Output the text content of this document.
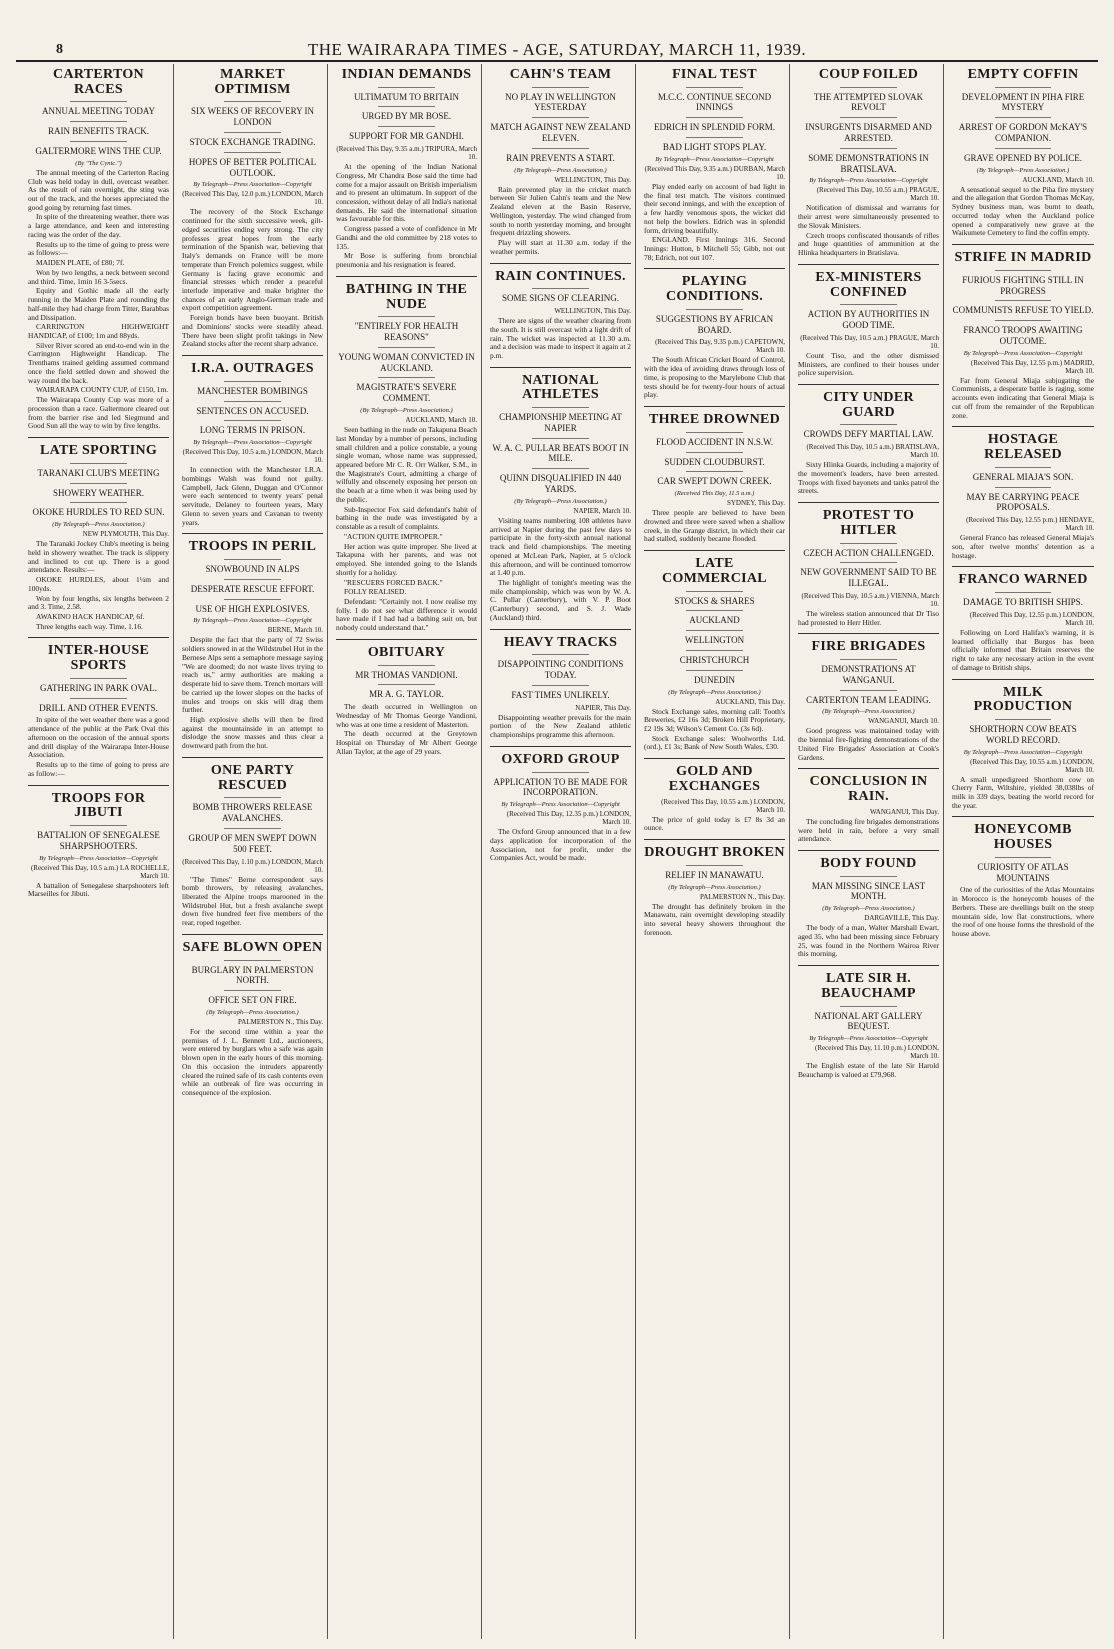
8	THE WAIRARAPA TIMES - AGE, SATURDAY, MARCH 11, 1939.
CARTERTON RACES
ANNUAL MEETING TODAY
RAIN BENEFITS TRACK.
GALTERMORE WINS THE CUP.
(By "The Cynic.")

The annual meeting of the Carterton Racing Club was held today in dull, overcast weather. As the result of rain overnight, the sting was out of the track, and the horses appreciated the good going by returning fast times.

In spite of the threatening weather, there was a large attendance, and keen and interesting racing was the order of the day.

Results up to the time of going to press were as follows:—

MAIDEN PLATE, of £80; 7f.

Won by two lengths, a neck between second and third. Time, 1min 16 3-5secs.

Equity and Gothic made all the early running in the Maiden Plate and rounding the half-mile they had charge from Titter, Barabbas and Dissipation.

CARRINGTON HIGHWEIGHT HANDICAP, of £100; 1m and 88yds.

Silver River scored an end-to-end win in the Carrington Highweight Handicap. The Trenthams trained gelding assumed command once the field settled down and showed the way round the back.

WAIRARAPA COUNTY CUP, of £150, 1m.

The Wairarapa County Cup was more of a procession than a race. Galtermore cleared out from the barrier rise and led Siegmund and Good Sun all the way to win by five lengths.

LATE SPORTING
TARANAKI CLUB'S MEETING
SHOWERY WEATHER.
OKOKE HURDLES TO RED SUN.
(By Telegraph—Press Association.)
NEW PLYMOUTH, This Day.

The Taranaki Jockey Club's meeting is being held in showery weather. The track is slippery and inclined to cut up. There is a good attendance. Results:—

OKOKE HURDLES, about 1¼m and 100yds.

Won by four lengths, six lengths between 2 and 3. Time, 2.58.

AWAKINO HACK HANDICAP, 6f.

Three lengths each way. Time, 1.16.

INTER-HOUSE SPORTS
GATHERING IN PARK OVAL.
DRILL AND OTHER EVENTS.

In spite of the wet weather there was a good attendance of the public at the Park Oval this afternoon on the occasion of the annual sports and drill display of the Wairarapa Inter-House Association.

Results up to the time of going to press are as follow:—

TROOPS FOR JIBUTI
BATTALION OF SENEGALESE SHARPSHOOTERS.
By Telegraph—Press Association—Copyright
(Received This Day, 10.5 a.m.) LA ROCHELLE, March 10.

A battalion of Senegalese sharpshooters left Marseilles for Jibuti.

MARKET OPTIMISM
SIX WEEKS OF RECOVERY IN LONDON
STOCK EXCHANGE TRADING.
HOPES OF BETTER POLITICAL OUTLOOK.
By Telegraph—Press Association—Copyright
(Received This Day, 12.0 p.m.) LONDON, March 10.

The recovery of the Stock Exchange continued for the sixth successive week, gilt-edged securities ending very strong. The city professes great hopes from the early termination of the Spanish war, believing that Italy's demands on France will be more temperate than French polemics suggest, while Germany is facing grave economic and financial stresses which render a peaceful interlude imperative and make brighter the chances of an early Anglo-German trade and export competition agreement.

Foreign bonds have been buoyant. British and Dominions' stocks were steadily ahead. There have been slight profit takings in New Zealand stocks after the recent sharp advance.

I.R.A. OUTRAGES
MANCHESTER BOMBINGS
SENTENCES ON ACCUSED.
LONG TERMS IN PRISON.
By Telegraph—Press Association—Copyright
(Received This Day, 10.5 a.m.) LONDON, March 10.

In connection with the Manchester I.R.A. bombings Walsh was found not guilty. Campbell, Jack Glenn, Duggan and O'Connor were each sentenced to twenty years' penal servitude, Delaney to fourteen years, Mary Glenn to seven years and Cavanan to twenty years.

TROOPS IN PERIL
SNOWBOUND IN ALPS
DESPERATE RESCUE EFFORT.
USE OF HIGH EXPLOSIVES.
By Telegraph—Press Association—Copyright
BERNE, March 10.

Despite the fact that the party of 72 Swiss soldiers snowed in at the Wildstrubel Hut in the Bernese Alps sent a semaphore message saying "We are doomed; do not waste lives trying to reach us," army authorities are making a desperate bid to save them. Trench mortars will be carried up the lower slopes on the backs of mules and troops on skis will drag them further.

High explosive shells will then be fired against the mountainside in an attempt to dislodge the snow masses and thus clear a downward path from the hut.

ONE PARTY RESCUED
BOMB THROWERS RELEASE AVALANCHES.
GROUP OF MEN SWEPT DOWN 500 FEET.
(Received This Day, 1.10 p.m.) LONDON, March 10.

"The Times" Berne correspondent says bomb throwers, by releasing avalanches, liberated the Alpine troops marooned in the Wildstrubel Hut, but a fresh avalanche swept down five hundred feet five members of the rear, roped together.

SAFE BLOWN OPEN
BURGLARY IN PALMERSTON NORTH.
OFFICE SET ON FIRE.
(By Telegraph—Press Association.)
PALMERSTON N., This Day.

For the second time within a year the premises of J. L. Bennett Ltd., auctioneers, were entered by burglars who a safe was again blown open in the early hours of this morning. On this occasion the intruders apparently cleared the ruined safe of its cash contents even while an outbreak of fire was occurring in consequence of the explosion.

INDIAN DEMANDS
ULTIMATUM TO BRITAIN
URGED BY MR BOSE.
SUPPORT FOR MR GANDHI.
(Received This Day, 9.35 a.m.) TRIPURA, March 10.

At the opening of the Indian National Congress, Mr Chandra Bose said the time had come for a major assault on British imperialism and to present an ultimatum. In support of the concession, without delay of all India's national demands. He said the international situation was favourable for this.

Congress passed a vote of confidence in Mr Gandhi and the old committee by 218 votes to 135.

Mr Bose is suffering from bronchial pneumonia and his resignation is feared.

BATHING IN THE NUDE
"ENTIRELY FOR HEALTH REASONS"
YOUNG WOMAN CONVICTED IN AUCKLAND.
MAGISTRATE'S SEVERE COMMENT.
(By Telegraph—Press Association.)
AUCKLAND, March 10.

Seen bathing in the nude on Takapuna Beach last Monday by a number of persons, including small children and a police constable, a young single woman, whose name was suppressed, appeared before Mr C. R. Orr Walker, S.M., in the Magistrate's Court, admitting a charge of wilfully and obscenely exposing her person on the beach at a time when it was being used by the public.

Sub-Inspector Fox said defendant's habit of bathing in the nude was investigated by a constable as a result of complaints.

"ACTION QUITE IMPROPER."

Her action was quite improper. She lived at Takapuna with her parents, and was not employed. She intended going to the Islands shortly for a holiday.

"RESCUERS FORCED BACK."

FOLLY REALISED.

Defendant: "Certainly not. I now realise my folly. I do not see what difference it would have made if I had had a bathing suit on, but nobody could understand that."

OBITUARY
MR THOMAS VANDIONI.
MR A. G. TAYLOR.

The death occurred in Wellington on Wednesday of Mr Thomas George Vandioni, who was at one time a resident of Masterton.

The death occurred at the Greytown Hospital on Thursday of Mr Albert George Allan Taylor, at the age of 29 years.

CAHN'S TEAM
NO PLAY IN WELLINGTON YESTERDAY
MATCH AGAINST NEW ZEALAND ELEVEN.
RAIN PREVENTS A START.
(By Telegraph—Press Association.)
WELLINGTON, This Day.

Rain prevented play in the cricket match between Sir Julien Cahn's team and the New Zealand eleven at the Basin Reserve, Wellington, yesterday. The wind changed from south to north yesterday morning, and brought frequent drizzling showers.

Play will start at 11.30 a.m. today if the weather permits.

RAIN CONTINUES.
SOME SIGNS OF CLEARING.
WELLINGTON, This Day.

There are signs of the weather clearing from the south. It is still overcast with a light drift of rain. The wicket was inspected at 11.30 a.m. and a decision was made to inspect it again at 2 p.m.

NATIONAL ATHLETES
CHAMPIONSHIP MEETING AT NAPIER
W. A. C. PULLAR BEATS BOOT IN MILE.
QUINN DISQUALIFIED IN 440 YARDS.
(By Telegraph—Press Association.)
NAPIER, March 10.

Visiting teams numbering 108 athletes have arrived at Napier during the past few days to participate in the forty-sixth annual national track and field championships. The meeting opened at McLean Park, Napier, at 5 o'clock this afternoon, and will be continued tomorrow at 1.40 p.m.

The highlight of tonight's meeting was the mile championship, which was won by W. A. C. Pullar (Canterbury), with V. P. Boot (Canterbury) second, and S. J. Wade (Auckland) third.

HEAVY TRACKS
DISAPPOINTING CONDITIONS TODAY.
FAST TIMES UNLIKELY.
NAPIER, This Day.

Disappointing weather prevails for the main portion of the New Zealand athletic championships programme this afternoon.

OXFORD GROUP
APPLICATION TO BE MADE FOR INCORPORATION.
By Telegraph—Press Association—Copyright
(Received This Day, 12.35 p.m.) LONDON, March 10.

The Oxford Group announced that in a few days application for incorporation of the Association, not for profit, under the Companies Act, would be made.

FINAL TEST
M.C.C. CONTINUE SECOND INNINGS
EDRICH IN SPLENDID FORM.
BAD LIGHT STOPS PLAY.
By Telegraph—Press Association—Copyright
(Received This Day, 9.35 a.m.) DURBAN, March 10.

Play ended early on account of bad light in the final test match. The visitors continued their second innings, and with the exception of a few hardly venomous spots, the wicket did not help the bowlers. Edrich was in splendid form, driving beautifully.

ENGLAND. First Innings 316. Second Innings: Hutton, b Mitchell 55; Gibb, not out 78; Edrich, not out 107.

PLAYING CONDITIONS.
SUGGESTIONS BY AFRICAN BOARD.
(Received This Day, 9.35 p.m.) CAPETOWN, March 10.

The South African Cricket Board of Control, with the idea of avoiding draws through loss of time, is proposing to the Marylebone Club that tests should be for twenty-four hours of actual play.

THREE DROWNED
FLOOD ACCIDENT IN N.S.W.
SUDDEN CLOUDBURST.
CAR SWEPT DOWN CREEK.
(Received This Day, 11.5 a.m.)
SYDNEY, This Day.

Three people are believed to have been drowned and three were saved when a shallow creek, in the Grange district, in which their car had stalled, suddenly became flooded.

LATE COMMERCIAL
STOCKS & SHARES
AUCKLAND
WELLINGTON
CHRISTCHURCH
DUNEDIN
(By Telegraph—Press Association.)
AUCKLAND, This Day.

Stock Exchange sales, morning call: Tooth's Breweries, £2 16s 3d; Broken Hill Proprietary, £2 19s 3d; Wilson's Cement Co. (3s 6d).

Stock Exchange sales: Woolworths Ltd. (ord.), £1 3s; Bank of New South Wales, £30.

GOLD AND EXCHANGES
(Received This Day, 10.55 a.m.) LONDON, March 10.

The price of gold today is £7 8s 3d an ounce.

DROUGHT BROKEN
RELIEF IN MANAWATU.
(By Telegraph—Press Association.)
PALMERSTON N., This Day.

The drought has definitely broken in the Manawatu, rain overnight developing steadily into several heavy showers throughout the forenoon.

COUP FOILED
THE ATTEMPTED SLOVAK REVOLT
INSURGENTS DISARMED AND ARRESTED.
SOME DEMONSTRATIONS IN BRATISLAVA.
By Telegraph—Press Association—Copyright
(Received This Day, 10.55 a.m.) PRAGUE, March 10.

Notification of dismissal and warrants for their arrest were simultaneously presented to the Slovak Ministers.

Czech troops confiscated thousands of rifles and huge quantities of ammunition at the Hlinka headquarters in Bratislava.

EX-MINISTERS CONFINED
ACTION BY AUTHORITIES IN GOOD TIME.
(Received This Day, 10.5 a.m.) PRAGUE, March 10.

Count Tiso, and the other dismissed Ministers, are confined to their houses under police supervision.

CITY UNDER GUARD
CROWDS DEFY MARTIAL LAW.
(Received This Day, 10.5 a.m.) BRATISLAVA, March 10.

Sixty Hlinka Guards, including a majority of the movement's leaders, have been arrested. Troops with fixed bayonets and tanks patrol the streets.

PROTEST TO HITLER
CZECH ACTION CHALLENGED.
NEW GOVERNMENT SAID TO BE ILLEGAL.
(Received This Day, 10.5 a.m.) VIENNA, March 10.

The wireless station announced that Dr Tiso had protested to Herr Hitler.

FIRE BRIGADES
DEMONSTRATIONS AT WANGANUI.
CARTERTON TEAM LEADING.
(By Telegraph—Press Association.)
WANGANUI, March 10.

Good progress was maintained today with the biennial fire-fighting demonstrations of the United Fire Brigades' Association at Cook's Gardens.

CONCLUSION IN RAIN.
WANGANUI, This Day.

The concluding fire brigades demonstrations were held in rain, before a very small attendance.

BODY FOUND
MAN MISSING SINCE LAST MONTH.
(By Telegraph—Press Association.)
DARGAVILLE, This Day.

The body of a man, Walter Marshall Ewart, aged 35, who had been missing since February 25, was found in the Northern Wairoa River this morning.

LATE SIR H. BEAUCHAMP
NATIONAL ART GALLERY BEQUEST.
By Telegraph—Press Association—Copyright
(Received This Day, 11.10 p.m.) LONDON, March 10.

The English estate of the late Sir Harold Beauchamp is valued at £79,968.

EMPTY COFFIN
DEVELOPMENT IN PIHA FIRE MYSTERY
ARREST OF GORDON McKAY'S COMPANION.
GRAVE OPENED BY POLICE.
(By Telegraph—Press Association.)
AUCKLAND, March 10.

A sensational sequel to the Piha fire mystery and the allegation that Gordon Thomas McKay, Sydney business man, was burnt to death, occurred today when the Auckland police opened a comparatively new grave at the Waikumete Cemetery to find the coffin empty.

STRIFE IN MADRID
FURIOUS FIGHTING STILL IN PROGRESS
COMMUNISTS REFUSE TO YIELD.
FRANCO TROOPS AWAITING OUTCOME.
By Telegraph—Press Association—Copyright
(Received This Day, 12.55 p.m.) MADRID, March 10.

Far from General Miaja subjugating the Communists, a desperate battle is raging, some accounts even indicating that General Miaja is cut off from the remainder of the Republican zone.

HOSTAGE RELEASED
GENERAL MIAJA'S SON.
MAY BE CARRYING PEACE PROPOSALS.
(Received This Day, 12.55 p.m.) HENDAYE, March 10.

General Franco has released General Miaja's son, after twelve months' detention as a hostage.

FRANCO WARNED
DAMAGE TO BRITISH SHIPS.
(Received This Day, 12.55 p.m.) LONDON, March 10.

Following on Lord Halifax's warning, it is learned officially that Burgos has been officially informed that Britain reserves the right to take any necessary action in the event of damage to British ships.

MILK PRODUCTION
SHORTHORN COW BEATS WORLD RECORD.
By Telegraph—Press Association—Copyright
(Received This Day, 10.55 a.m.) LONDON, March 10.

A small unpedigreed Shorthorn cow on Cherry Farm, Wiltshire, yielded 38,038lbs of milk in 339 days, beating the world record for the year.

HONEYCOMB HOUSES
CURIOSITY OF ATLAS MOUNTAINS

One of the curiosities of the Atlas Mountains in Morocco is the honeycomb houses of the Berbers. These are dwellings built on the steep mountain side, low flat constructions, where the roof of one house forms the threshold of the house above.
